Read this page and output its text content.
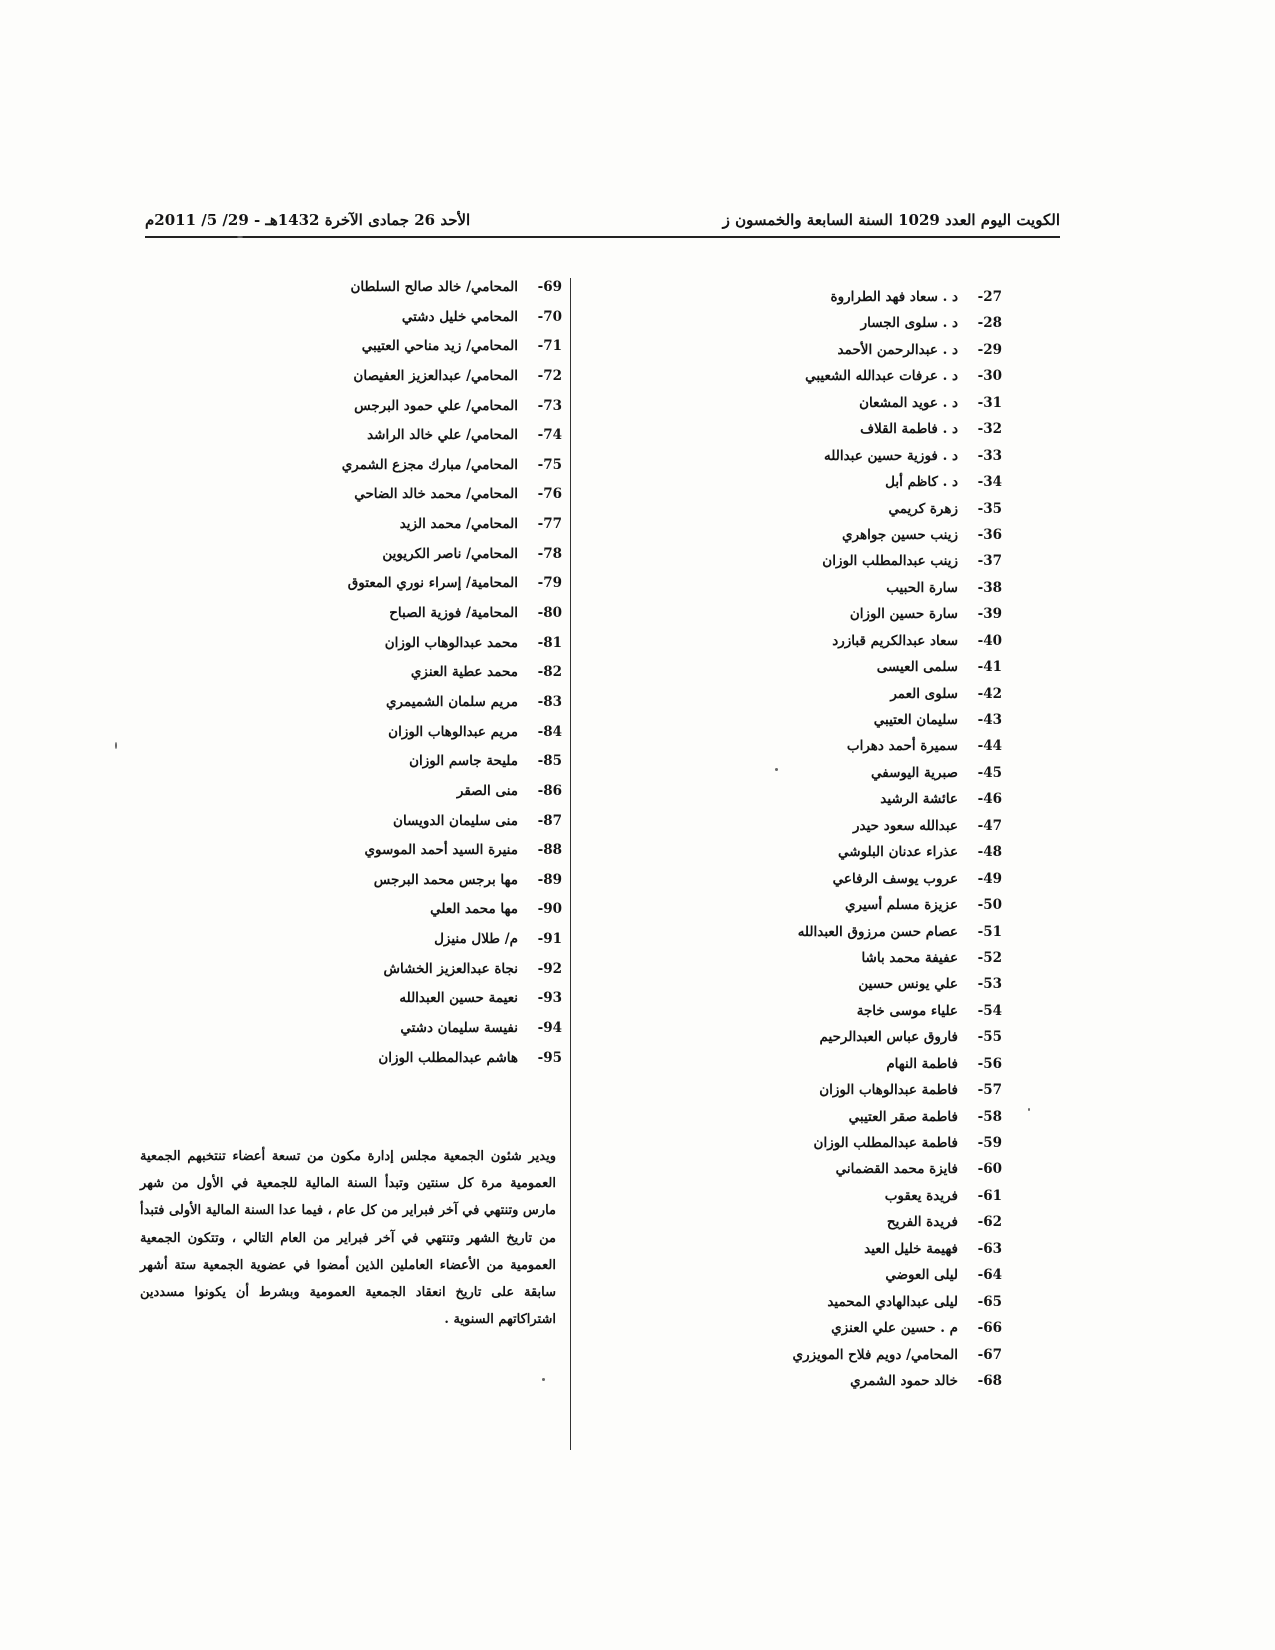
الكويت اليوم العدد 1029 السنة السابعة والخمسون ز
الأحد 26 جمادى الآخرة 1432هـ - 29/ 5/ 2011م
27-
د . سعاد فهد الطراروة
28-
د . سلوى الجسار
29-
د . عبدالرحمن الأحمد
30-
د . عرفات عبدالله الشعيبي
31-
د . عويد المشعان
32-
د . فاطمة القلاف
33-
د . فوزية حسين عبدالله
34-
د . كاظم أبل
35-
زهرة كريمي
36-
زينب حسين جواهري
37-
زينب عبدالمطلب الوزان
38-
سارة الحبيب
39-
سارة حسين الوزان
40-
سعاد عبدالكريم قبازرد
41-
سلمى العيسى
42-
سلوى العمر
43-
سليمان العتيبي
44-
سميرة أحمد دهراب
45-
صبرية اليوسفي
46-
عائشة الرشيد
47-
عبدالله سعود حيدر
48-
عذراء عدنان البلوشي
49-
عروب يوسف الرفاعي
50-
عزيزة مسلم أسيري
51-
عصام حسن مرزوق العبدالله
52-
عفيفة محمد باشا
53-
علي يونس حسين
54-
علياء موسى خاجة
55-
فاروق عباس العبدالرحيم
56-
فاطمة النهام
57-
فاطمة عبدالوهاب الوزان
58-
فاطمة صقر العتيبي
59-
فاطمة عبدالمطلب الوزان
60-
فايزة محمد القضماني
61-
فريدة يعقوب
62-
فريدة الفريح
63-
فهيمة خليل العيد
64-
ليلى العوضي
65-
ليلى عبدالهادي المحميد
66-
م . حسين علي العنزي
67-
المحامي/ دويم فلاح المويزري
68-
خالد حمود الشمري
69-
المحامي/ خالد صالح السلطان
70-
المحامي خليل دشتي
71-
المحامي/ زيد مناحي العتيبي
72-
المحامي/ عبدالعزيز العفيصان
73-
المحامي/ علي حمود البرجس
74-
المحامي/ علي خالد الراشد
75-
المحامي/ مبارك مجزع الشمري
76-
المحامي/ محمد خالد الضاحي
77-
المحامي/ محمد الزيد
78-
المحامي/ ناصر الكريوين
79-
المحامية/ إسراء نوري المعتوق
80-
المحامية/ فوزية الصباح
81-
محمد عبدالوهاب الوزان
82-
محمد عطية العنزي
83-
مريم سلمان الشميمري
84-
مريم عبدالوهاب الوزان
85-
مليحة جاسم الوزان
86-
منى الصقر
87-
منى سليمان الدويسان
88-
منيرة السيد أحمد الموسوي
89-
مها برجس محمد البرجس
90-
مها محمد العلي
91-
م/ طلال منيزل
92-
نجاة عبدالعزيز الخشاش
93-
نعيمة حسين العبدالله
94-
نفيسة سليمان دشتي
95-
هاشم عبدالمطلب الوزان
ويدير شئون الجمعية مجلس إدارة مكون من تسعة أعضاء تنتخبهم الجمعية العمومية مرة كل سنتين وتبدأ السنة المالية للجمعية في الأول من شهر مارس وتنتهي في آخر فبراير من كل عام ، فيما عدا السنة المالية الأولى فتبدأ من تاريخ الشهر وتنتهي في آخر فبراير من العام التالي ، وتتكون الجمعية العمومية من الأعضاء العاملين الذين أمضوا في عضوية الجمعية ستة أشهر سابقة على تاريخ انعقاد الجمعية العمومية وبشرط أن يكونوا مسددين اشتراكاتهم السنوية .
